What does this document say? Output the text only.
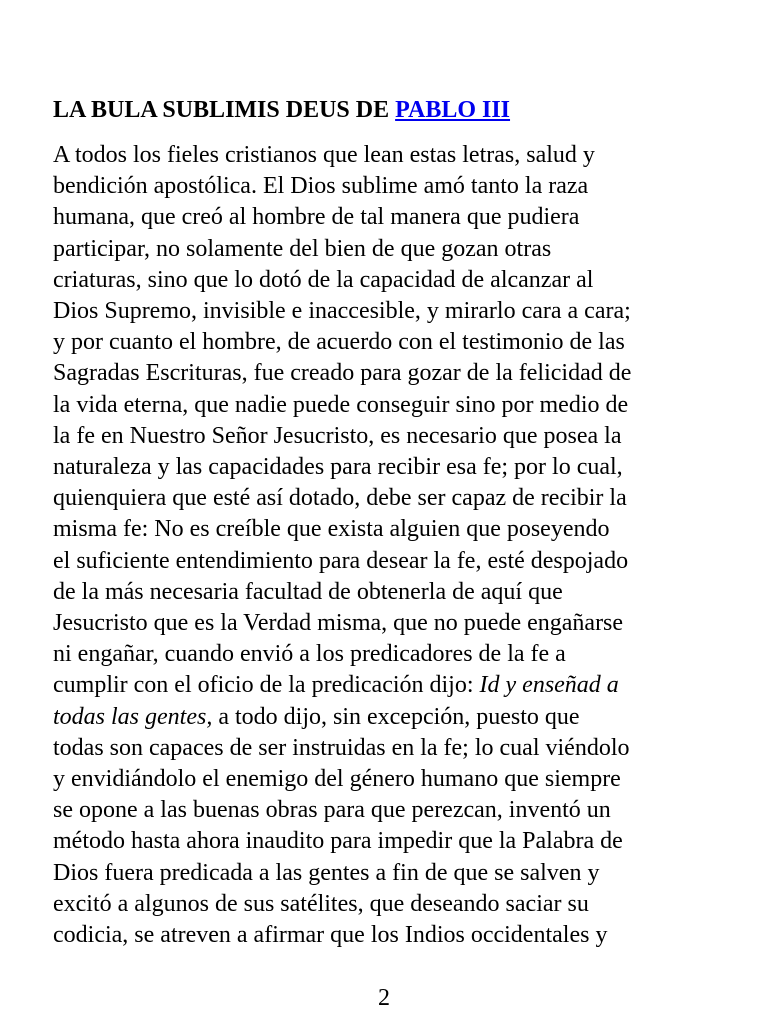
LA BULA SUBLIMIS DEUS DE PABLO III

A todos los fieles cristianos que lean estas letras, salud y
bendición apostólica. El Dios sublime amó tanto la raza
humana, que creó al hombre de tal manera que pudiera
participar, no solamente del bien de que gozan otras
criaturas, sino que lo dotó de la capacidad de alcanzar al
Dios Supremo, invisible e inaccesible, y mirarlo cara a cara;
y por cuanto el hombre, de acuerdo con el testimonio de las
Sagradas Escrituras, fue creado para gozar de la felicidad de
la vida eterna, que nadie puede conseguir sino por medio de
la fe en Nuestro Señor Jesucristo, es necesario que posea la
naturaleza y las capacidades para recibir esa fe; por lo cual,
quienquiera que esté así dotado, debe ser capaz de recibir la
misma fe: No es creíble que exista alguien que poseyendo
el suficiente entendimiento para desear la fe, esté despojado
de la más necesaria facultad de obtenerla de aquí que
Jesucristo que es la Verdad misma, que no puede engañarse
ni engañar, cuando envió a los predicadores de la fe a
cumplir con el oficio de la predicación dijo: Id y enseñad a
todas las gentes, a todo dijo, sin excepción, puesto que
todas son capaces de ser instruidas en la fe; lo cual viéndolo
y envidiándolo el enemigo del género humano que siempre
se opone a las buenas obras para que perezcan, inventó un
método hasta ahora inaudito para impedir que la Palabra de
Dios fuera predicada a las gentes a fin de que se salven y
excitó a algunos de sus satélites, que deseando saciar su
codicia, se atreven a afirmar que los Indios occidentales y

2
